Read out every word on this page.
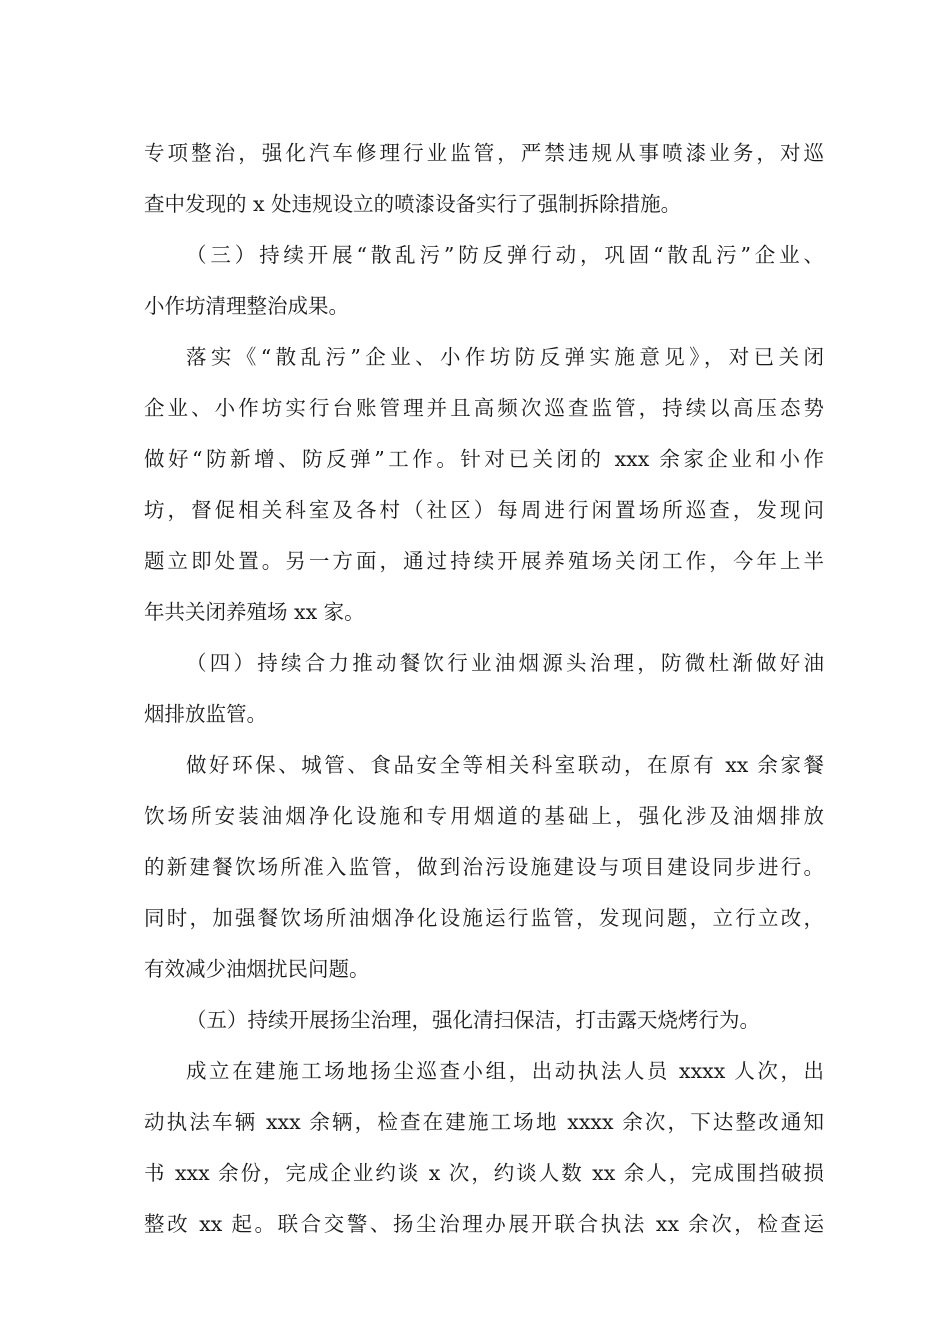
专项整治，强化汽车修理行业监管，严禁违规从事喷漆业务，对巡
查中发现的 x 处违规设立的喷漆设备实行了强制拆除措施。
（三）持续开展“散乱污”防反弹行动，巩固“散乱污”企业、
小作坊清理整治成果。
落实《“散乱污”企业、小作坊防反弹实施意见》，对已关闭
企业、小作坊实行台账管理并且高频次巡查监管，持续以高压态势
做好“防新增、防反弹”工作。针对已关闭的 xxx 余家企业和小作
坊，督促相关科室及各村（社区）每周进行闲置场所巡查，发现问
题立即处置。另一方面，通过持续开展养殖场关闭工作，今年上半
年共关闭养殖场 xx 家。
（四）持续合力推动餐饮行业油烟源头治理，防微杜渐做好油
烟排放监管。
做好环保、城管、食品安全等相关科室联动，在原有 xx 余家餐
饮场所安装油烟净化设施和专用烟道的基础上，强化涉及油烟排放
的新建餐饮场所准入监管，做到治污设施建设与项目建设同步进行。
同时，加强餐饮场所油烟净化设施运行监管，发现问题，立行立改，
有效减少油烟扰民问题。
（五）持续开展扬尘治理，强化清扫保洁，打击露天烧烤行为。
成立在建施工场地扬尘巡查小组，出动执法人员 xxxx 人次，出
动执法车辆 xxx 余辆，检查在建施工场地 xxxx 余次，下达整改通知
书 xxx 余份，完成企业约谈 x 次，约谈人数 xx 余人，完成围挡破损
整改 xx 起。联合交警、扬尘治理办展开联合执法 xx 余次，检查运
